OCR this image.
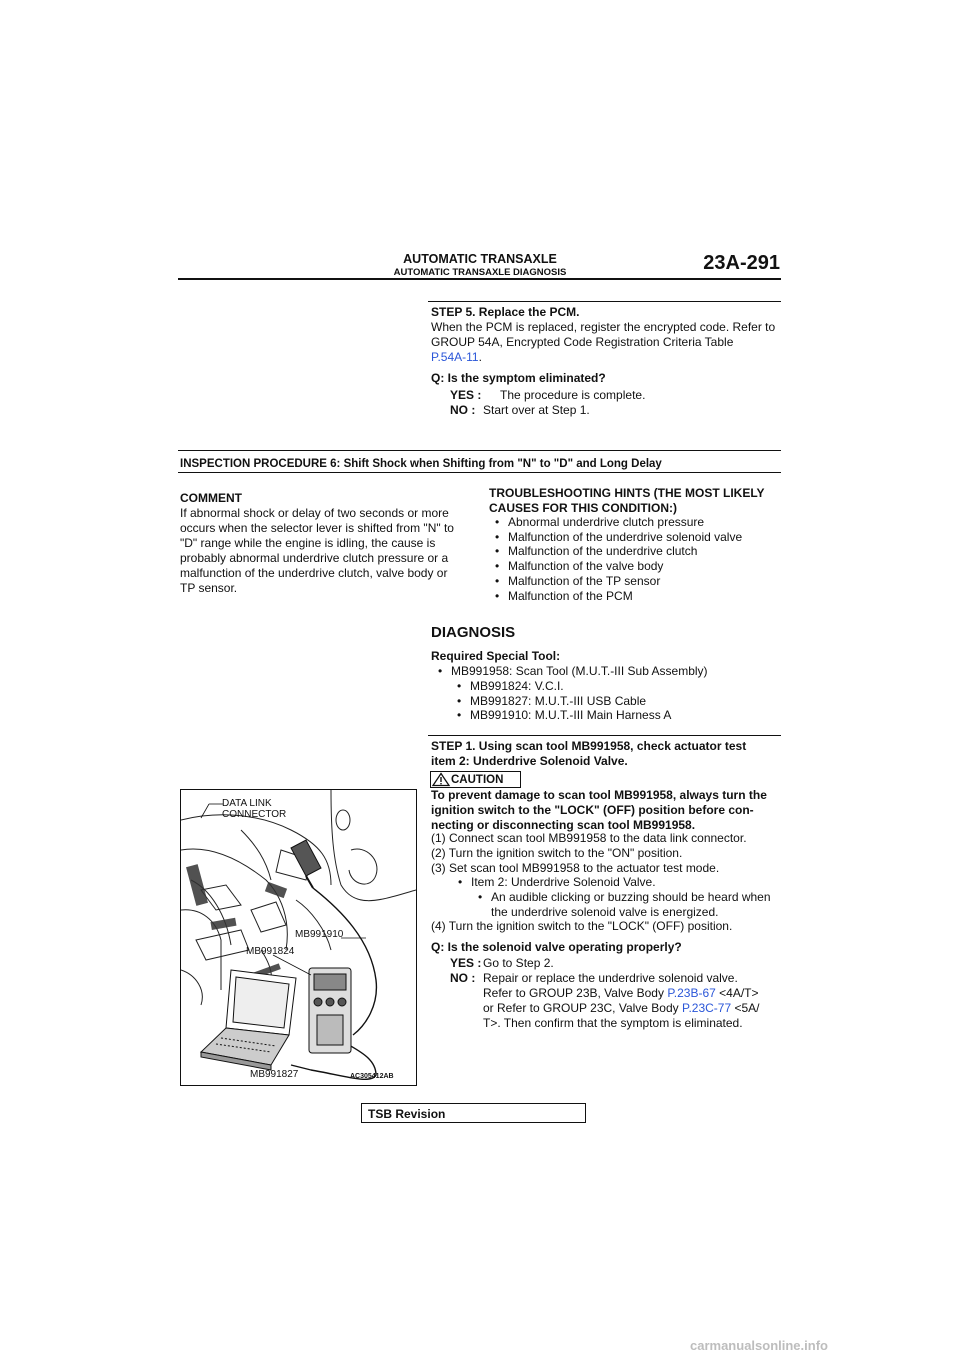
AUTOMATIC TRANSAXLE
AUTOMATIC TRANSAXLE DIAGNOSIS	23A-291
STEP 5. Replace the PCM.
When the PCM is replaced, register the encrypted code. Refer to GROUP 54A, Encrypted Code Registration Criteria Table
P.54A-11.
Q: Is the symptom eliminated?
YES :	The procedure is complete.
NO : Start over at Step 1.
INSPECTION PROCEDURE 6: Shift Shock when Shifting from "N" to "D" and Long Delay
COMMENT
If abnormal shock or delay of two seconds or more
occurs when the selector lever is shifted from "N" to
"D" range while the engine is idling, the cause is
probably abnormal underdrive clutch pressure or a
malfunction of the underdrive clutch, valve body or
TP sensor.
TROUBLESHOOTING HINTS (THE MOST LIKELY
CAUSES FOR THIS CONDITION:)
• Abnormal underdrive clutch pressure
• Malfunction of the underdrive solenoid valve
• Malfunction of the underdrive clutch
• Malfunction of the valve body
• Malfunction of the TP sensor
• Malfunction of the PCM
DIAGNOSIS
Required Special Tool:
• MB991958: Scan Tool (M.U.T.-III Sub Assembly)
• MB991824: V.C.I.
• MB991827: M.U.T.-III USB Cable
• MB991910: M.U.T.-III Main Harness A
STEP 1. Using scan tool MB991958, check actuator test
item 2: Underdrive Solenoid Valve.
CAUTION
To prevent damage to scan tool MB991958, always turn the
ignition switch to the "LOCK" (OFF) position before con-
necting or disconnecting scan tool MB991958.
(1) Connect scan tool MB991958 to the data link connector.
(2) Turn the ignition switch to the "ON" position.
(3) Set scan tool MB991958 to the actuator test mode.
• Item 2: Underdrive Solenoid Valve.
• An audible clicking or buzzing should be heard when
the underdrive solenoid valve is energized.
(4) Turn the ignition switch to the "LOCK" (OFF) position.
Q: Is the solenoid valve operating properly?
YES : Go to Step 2.
NO : Repair or replace the underdrive solenoid valve.
Refer to GROUP 23B, Valve Body P.23B-67 <4A/T>
or Refer to GROUP 23C, Valve Body P.23C-77 <5A/
T>. Then confirm that the symptom is eliminated.
DATA LINK
CONNECTOR
MB991910
MB991824
MB991827	AC305412AB
TSB Revision
carmanualsonline.info
